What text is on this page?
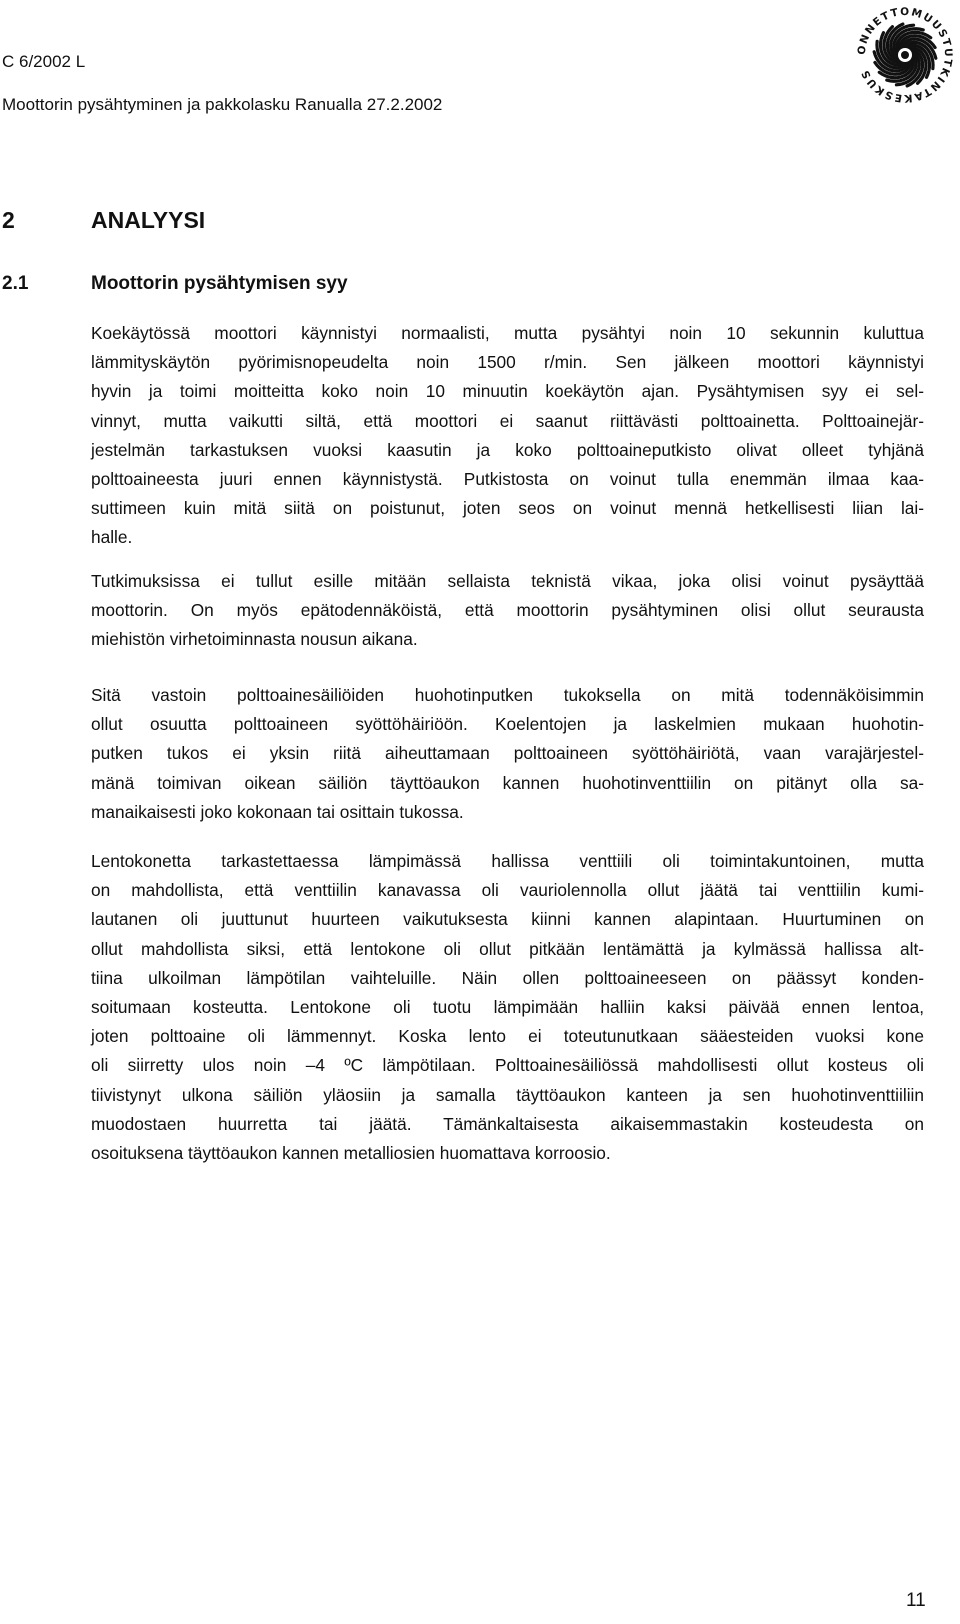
C 6/2002 L
Moottorin pysähtyminen ja pakkolasku Ranualla 27.2.2002
ONNETTOMUUSTUTKINTAKESKUS
2	ANALYYSI
2.1	Moottorin pysähtymisen syy
Koekäytössä moottori käynnistyi normaalisti, mutta pysähtyi noin 10 sekunnin kuluttua
lämmityskäytön pyörimisnopeudelta noin 1500 r/min. Sen jälkeen moottori käynnistyi
hyvin ja toimi moitteitta koko noin 10 minuutin koekäytön ajan. Pysähtymisen syy ei sel-
vinnyt, mutta vaikutti siltä, että moottori ei saanut riittävästi polttoainetta. Polttoainejär-
jestelmän tarkastuksen vuoksi kaasutin ja koko polttoaineputkisto olivat olleet tyhjänä
polttoaineesta juuri ennen käynnistystä. Putkistosta on voinut tulla enemmän ilmaa kaa-
suttimeen kuin mitä siitä on poistunut, joten seos on voinut mennä hetkellisesti liian lai-
halle.
Tutkimuksissa ei tullut esille mitään sellaista teknistä vikaa, joka olisi voinut pysäyttää
moottorin. On myös epätodennäköistä, että moottorin pysähtyminen olisi ollut seurausta
miehistön virhetoiminnasta nousun aikana.
Sitä vastoin polttoainesäiliöiden huohotinputken tukoksella on mitä todennäköisimmin
ollut osuutta polttoaineen syöttöhäiriöön. Koelentojen ja laskelmien mukaan huohotin-
putken tukos ei yksin riitä aiheuttamaan polttoaineen syöttöhäiriötä, vaan varajärjestel-
mänä toimivan oikean säiliön täyttöaukon kannen huohotinventtiilin on pitänyt olla sa-
manaikaisesti joko kokonaan tai osittain tukossa.
Lentokonetta tarkastettaessa lämpimässä hallissa venttiili oli toimintakuntoinen, mutta
on mahdollista, että venttiilin kanavassa oli vauriolennolla ollut jäätä tai venttiilin kumi-
lautanen oli juuttunut huurteen vaikutuksesta kiinni kannen alapintaan. Huurtuminen on
ollut mahdollista siksi, että lentokone oli ollut pitkään lentämättä ja kylmässä hallissa alt-
tiina ulkoilman lämpötilan vaihteluille. Näin ollen polttoaineeseen on päässyt konden-
soitumaan kosteutta. Lentokone oli tuotu lämpimään halliin kaksi päivää ennen lentoa,
joten polttoaine oli lämmennyt. Koska lento ei toteutunutkaan sääesteiden vuoksi kone
oli siirretty ulos noin –4 ºC lämpötilaan. Polttoainesäiliössä mahdollisesti ollut kosteus oli
tiivistynyt ulkona säiliön yläosiin ja samalla täyttöaukon kanteen ja sen huohotinventtiiliin
muodostaen huurretta tai jäätä. Tämänkaltaisesta aikaisemmastakin kosteudesta on
osoituksena täyttöaukon kannen metalliosien huomattava korroosio.
11
